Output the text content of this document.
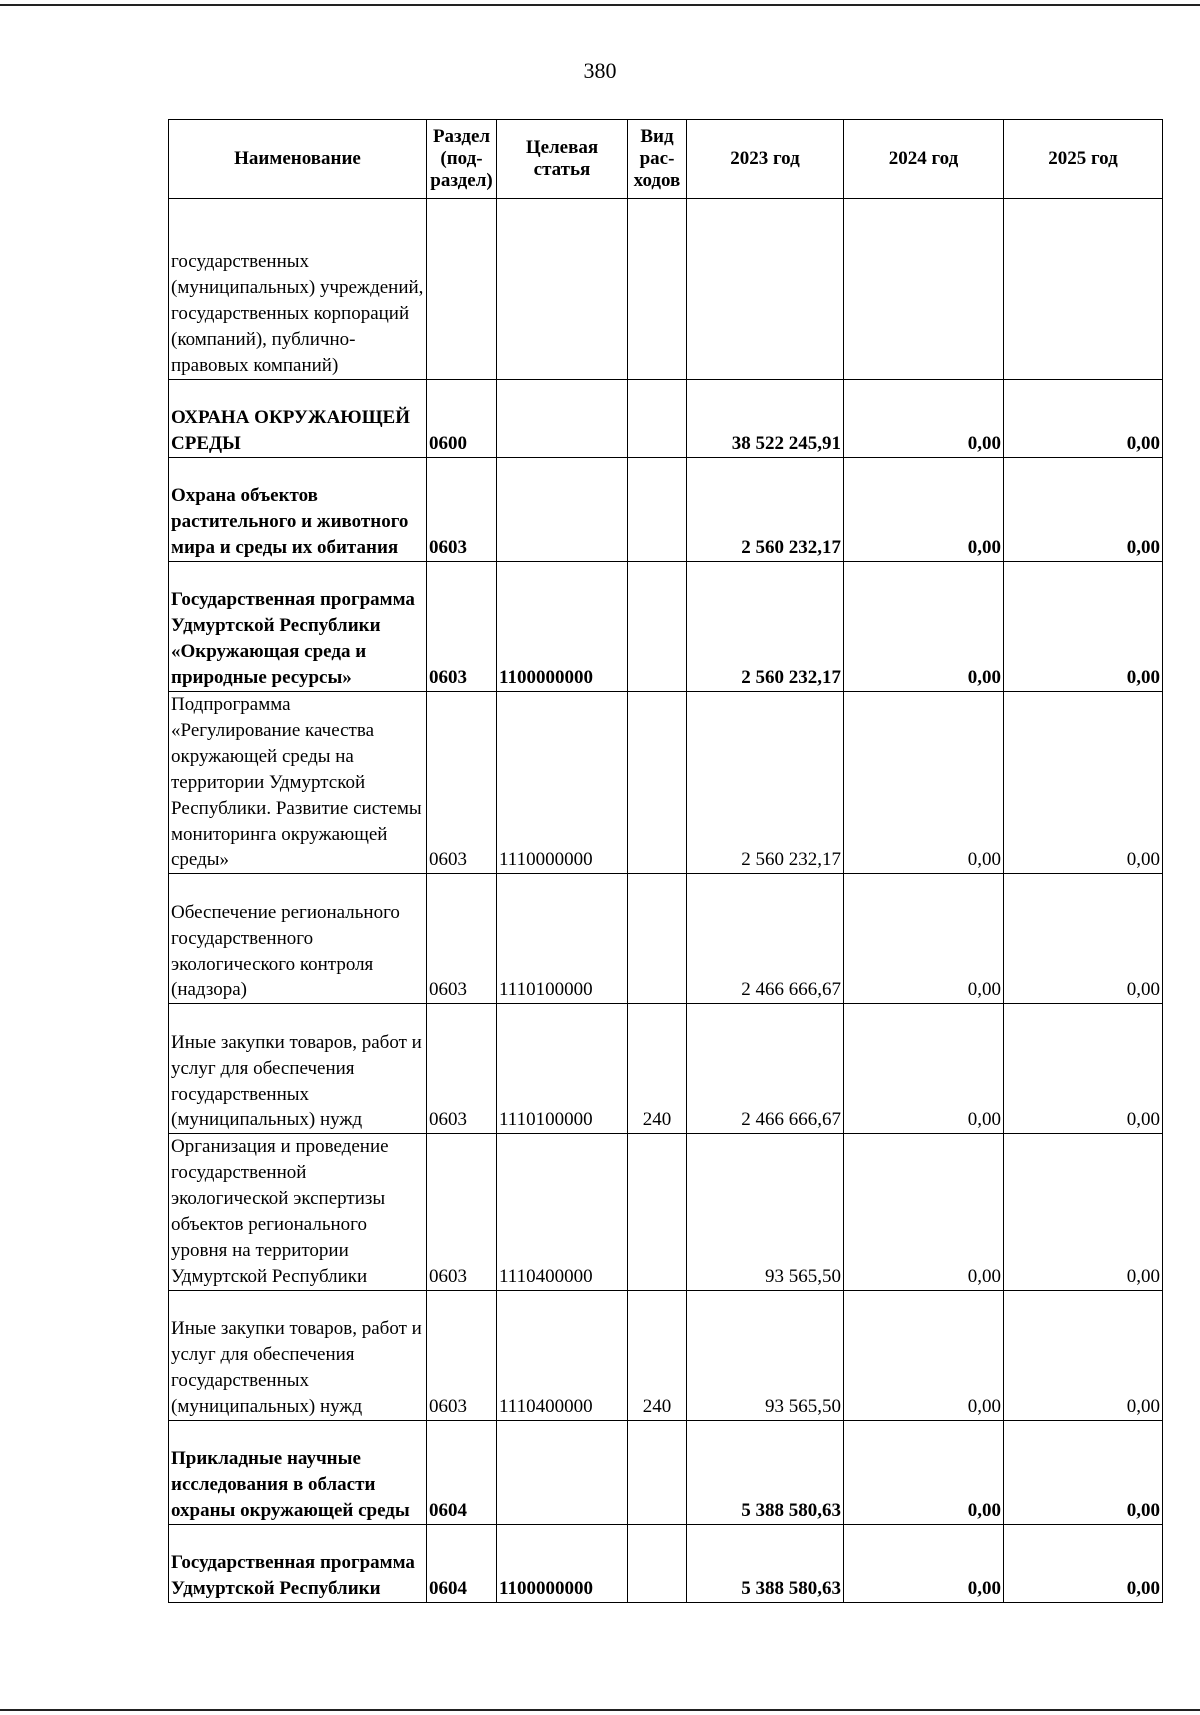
380
Наименование	Раздел (под-раздел)	Целевая статья	Вид рас-ходов	2023 год	2024 год	2025 год
государственных (муниципальных) учреждений, государственных корпораций (компаний), публично-правовых компаний)						
ОХРАНА ОКРУЖАЮЩЕЙ СРЕДЫ	0600			38 522 245,91	0,00	0,00
Охрана объектов растительного и животного мира и среды их обитания	0603			2 560 232,17	0,00	0,00
Государственная программа Удмуртской Республики «Окружающая среда и природные ресурсы»	0603	1100000000		2 560 232,17	0,00	0,00
Подпрограмма «Регулирование качества окружающей среды на территории Удмуртской Республики. Развитие системы мониторинга окружающей среды»	0603	1110000000		2 560 232,17	0,00	0,00
Обеспечение регионального государственного экологического контроля (надзора)	0603	1110100000		2 466 666,67	0,00	0,00
Иные закупки товаров, работ и услуг для обеспечения государственных (муниципальных) нужд	0603	1110100000	240	2 466 666,67	0,00	0,00
Организация и проведение государственной экологической экспертизы объектов регионального уровня на территории Удмуртской Республики	0603	1110400000		93 565,50	0,00	0,00
Иные закупки товаров, работ и услуг для обеспечения государственных (муниципальных) нужд	0603	1110400000	240	93 565,50	0,00	0,00
Прикладные научные исследования в области охраны окружающей среды	0604			5 388 580,63	0,00	0,00
Государственная программа Удмуртской Республики	0604	1100000000		5 388 580,63	0,00	0,00
